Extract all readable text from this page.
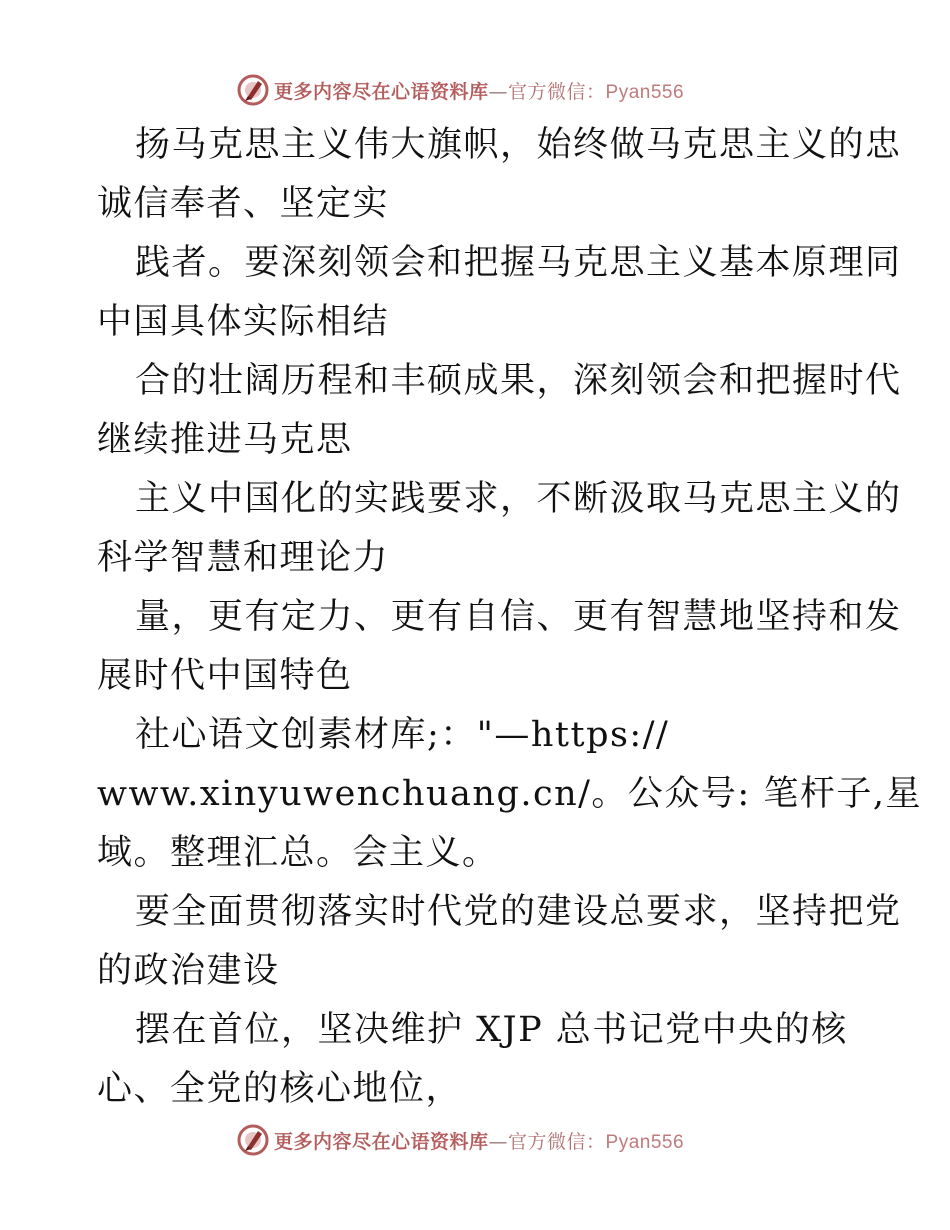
更多内容尽在心语资料库—官方微信：Pyan556
扬马克思主义伟大旗帜，始终做马克思主义的忠
诚信奉者、坚定实
践者。要深刻领会和把握马克思主义基本原理同
中国具体实际相结
合的壮阔历程和丰硕成果，深刻领会和把握时代
继续推进马克思
主义中国化的实践要求，不断汲取马克思主义的
科学智慧和理论力
量，更有定力、更有自信、更有智慧地坚持和发
展时代中国特色
社心语文创素材库;："—https://
www.xinyuwenchuang.cn/。公众号: 笔杆子,星
域。整理汇总。会主义。
要全面贯彻落实时代党的建设总要求，坚持把党
的政治建设
摆在首位，坚决维护 XJP 总书记党中央的核
心、全党的核心地位，
更多内容尽在心语资料库—官方微信：Pyan556
